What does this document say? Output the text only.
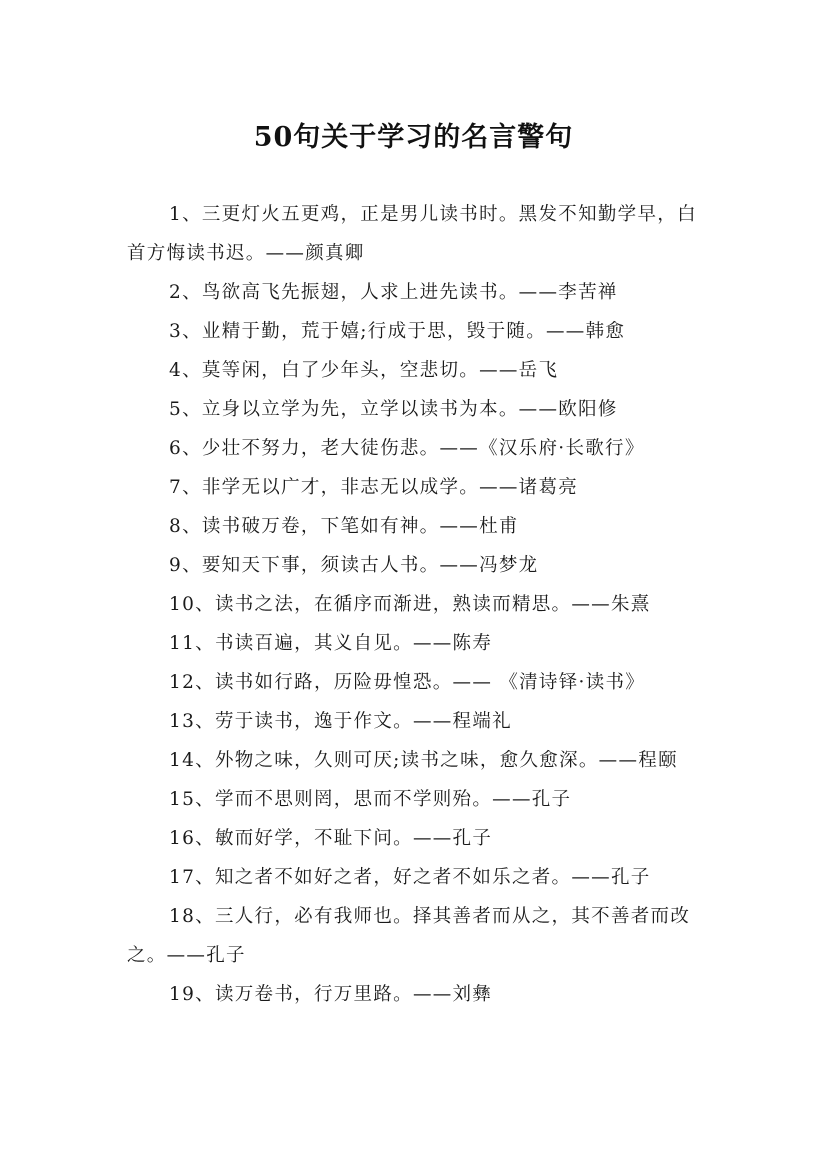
50句关于学习的名言警句

1、三更灯火五更鸡，正是男儿读书时。黑发不知勤学早，白首方悔读书迟。——颜真卿

2、鸟欲高飞先振翅，人求上进先读书。——李苦禅

3、业精于勤，荒于嬉;行成于思，毁于随。——韩愈

4、莫等闲，白了少年头，空悲切。——岳飞

5、立身以立学为先，立学以读书为本。——欧阳修

6、少壮不努力，老大徒伤悲。——《汉乐府·长歌行》

7、非学无以广才，非志无以成学。——诸葛亮

8、读书破万卷，下笔如有神。——杜甫

9、要知天下事，须读古人书。——冯梦龙

10、读书之法，在循序而渐进，熟读而精思。——朱熹

11、书读百遍，其义自见。——陈寿

12、读书如行路，历险毋惶恐。—— 《清诗铎·读书》

13、劳于读书，逸于作文。——程端礼

14、外物之味，久则可厌;读书之味，愈久愈深。——程颐

15、学而不思则罔，思而不学则殆。——孔子

16、敏而好学，不耻下问。——孔子

17、知之者不如好之者，好之者不如乐之者。——孔子

18、三人行，必有我师也。择其善者而从之，其不善者而改之。——孔子

19、读万卷书，行万里路。——刘彝
